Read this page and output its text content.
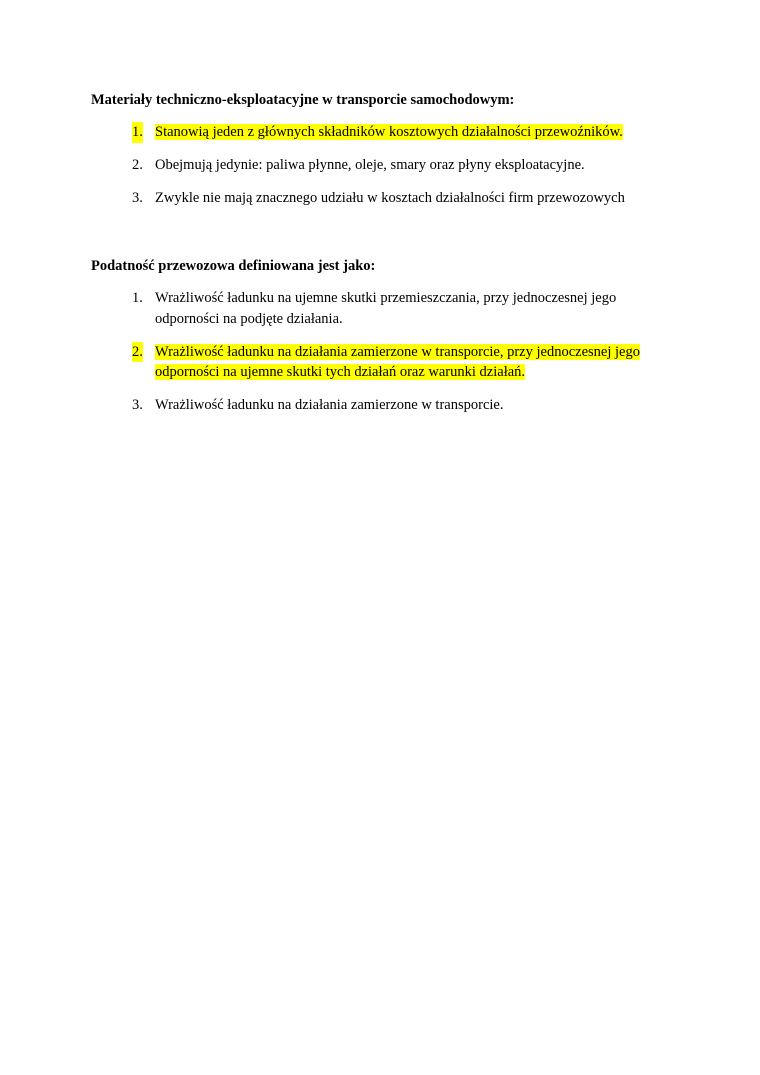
Materiały techniczno-eksploatacyjne w transporcie samochodowym:

1. Stanowią jeden z głównych składników kosztowych działalności przewoźników.
2. Obejmują jedynie: paliwa płynne, oleje, smary oraz płyny eksploatacyjne.
3. Zwykle nie mają znacznego udziału w kosztach działalności firm przewozowych

Podatność przewozowa definiowana jest jako:

1. Wrażliwość ładunku na ujemne skutki przemieszczania, przy jednoczesnej jego odporności na podjęte działania.
2. Wrażliwość ładunku na działania zamierzone w transporcie, przy jednoczesnej jego odporności na ujemne skutki tych działań oraz warunki działań.
3. Wrażliwość ładunku na działania zamierzone w transporcie.
